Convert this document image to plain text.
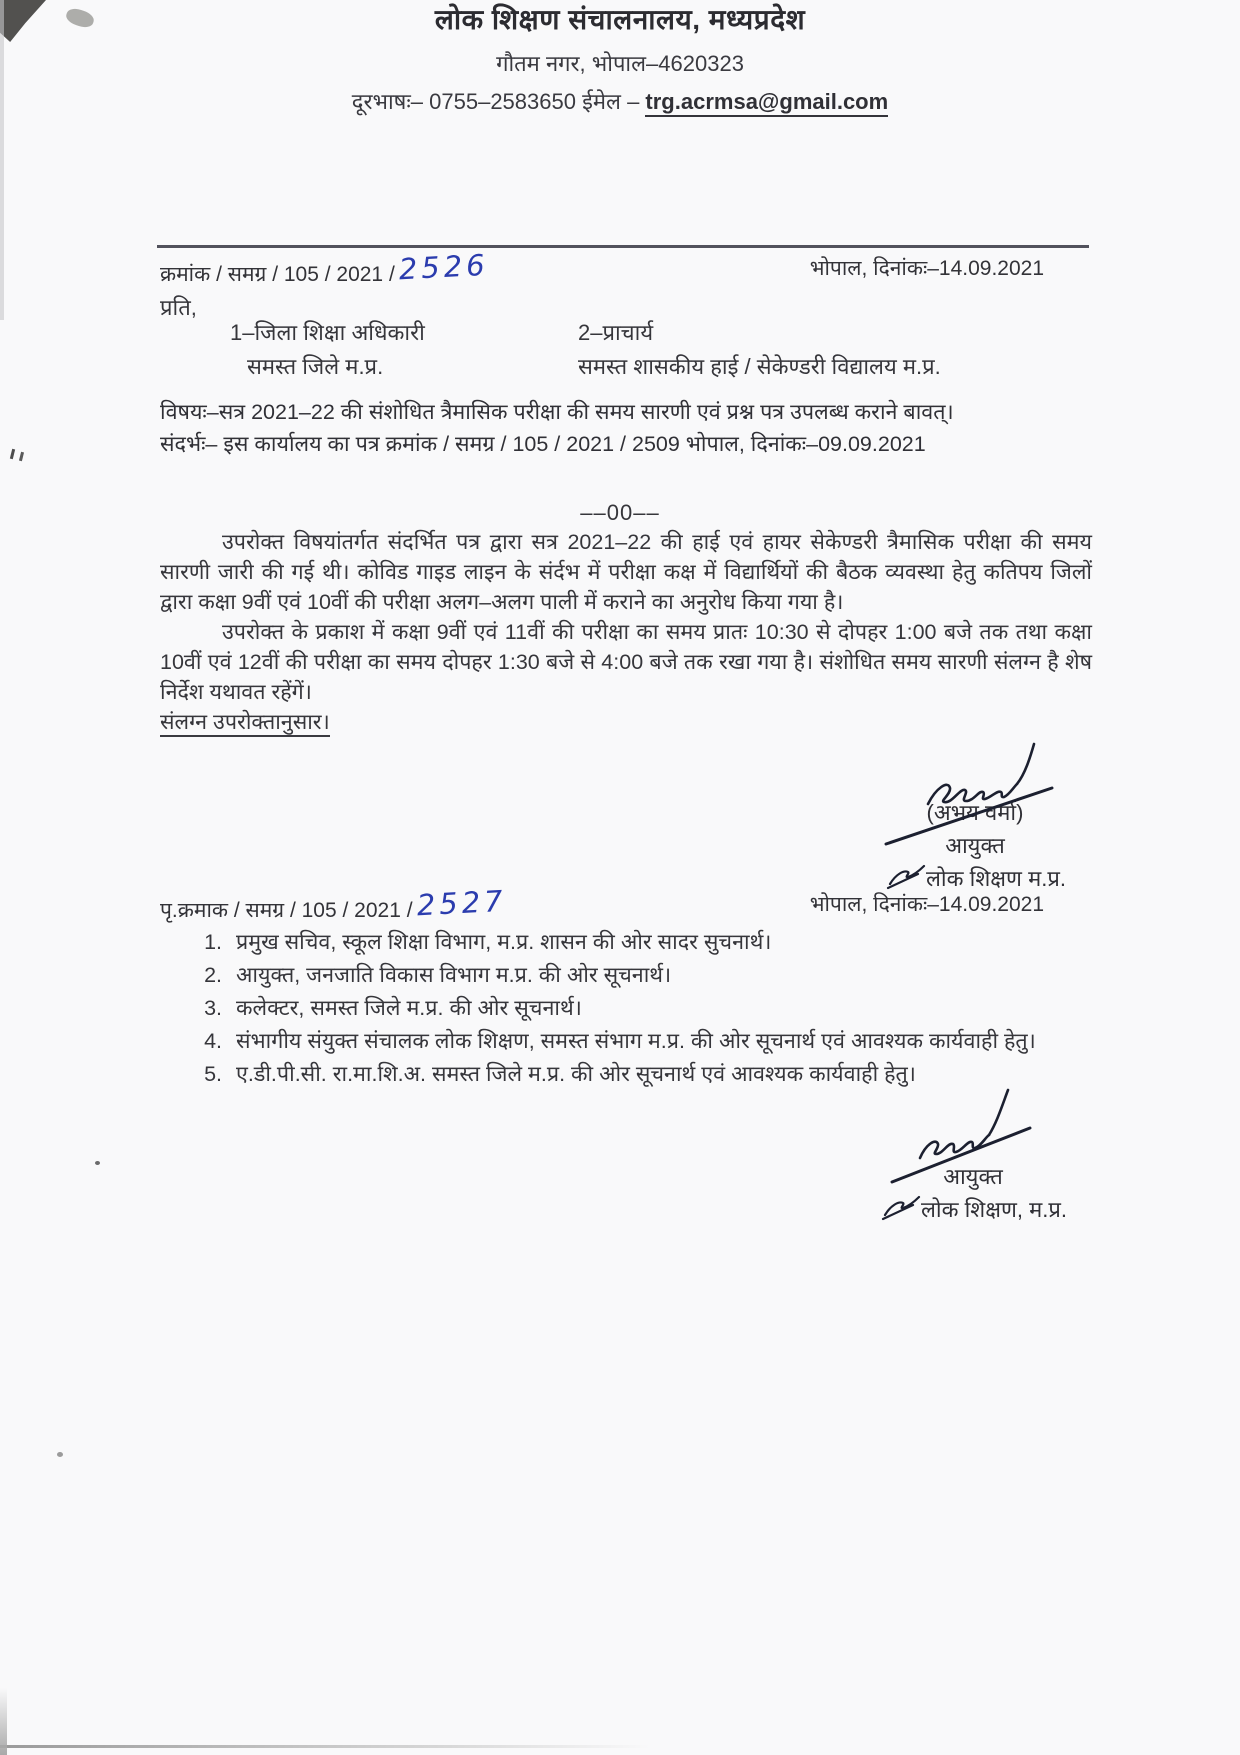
लोक शिक्षण संचालनालय, मध्यप्रदेश
गौतम नगर, भोपाल–4620323
दूरभाषः– 0755–2583650 ईमेल – trg.acrmsa@gmail.com
क्रमांक / समग्र / 105 / 2021 / 2526	भोपाल, दिनांकः–14.09.2021
प्रति,
1–जिला शिक्षा अधिकारी
समस्त जिले म.प्र.
2–प्राचार्य
समस्त शासकीय हाई / सेकेण्डरी विद्यालय म.प्र.
विषयः–सत्र 2021–22 की संशोधित त्रैमासिक परीक्षा की समय सारणी एवं प्रश्न पत्र उपलब्ध कराने बावत्।
संदर्भः– इस कार्यालय का पत्र क्रमांक / समग्र / 105 / 2021 / 2509 भोपाल, दिनांकः–09.09.2021
––00––

उपरोक्त विषयांतर्गत संदर्भित पत्र द्वारा सत्र 2021–22 की हाई एवं हायर सेकेण्डरी त्रैमासिक परीक्षा की समय सारणी जारी की गई थी। कोविड गाइड लाइन के संर्दभ में परीक्षा कक्ष में विद्यार्थियों की बैठक व्यवस्था हेतु कतिपय जिलों द्वारा कक्षा 9वीं एवं 10वीं की परीक्षा अलग–अलग पाली में कराने का अनुरोध किया गया है।

उपरोक्त के प्रकाश में कक्षा 9वीं एवं 11वीं की परीक्षा का समय प्रातः 10:30 से दोपहर 1:00 बजे तक तथा कक्षा 10वीं एवं 12वीं की परीक्षा का समय दोपहर 1:30 बजे से 4:00 बजे तक रखा गया है। संशोधित समय सारणी संलग्न है शेष निर्देश यथावत रहेंगें।

संलग्न उपरोक्तानुसार।
(अभय वर्मा)
आयुक्त
लोक शिक्षण म.प्र.
पृ.क्रमाक / समग्र / 105 / 2021 / 2527	भोपाल, दिनांकः–14.09.2021
1. प्रमुख सचिव, स्कूल शिक्षा विभाग, म.प्र. शासन की ओर सादर सुचनार्थ।
2. आयुक्त, जनजाति विकास विभाग म.प्र. की ओर सूचनार्थ।
3. कलेक्टर, समस्त जिले म.प्र. की ओर सूचनार्थ।
4. संभागीय संयुक्त संचालक लोक शिक्षण, समस्त संभाग म.प्र. की ओर सूचनार्थ एवं आवश्यक कार्यवाही हेतु।
5. ए.डी.पी.सी. रा.मा.शि.अ. समस्त जिले म.प्र. की ओर सूचनार्थ एवं आवश्यक कार्यवाही हेतु।
आयुक्त
लोक शिक्षण, म.प्र.
